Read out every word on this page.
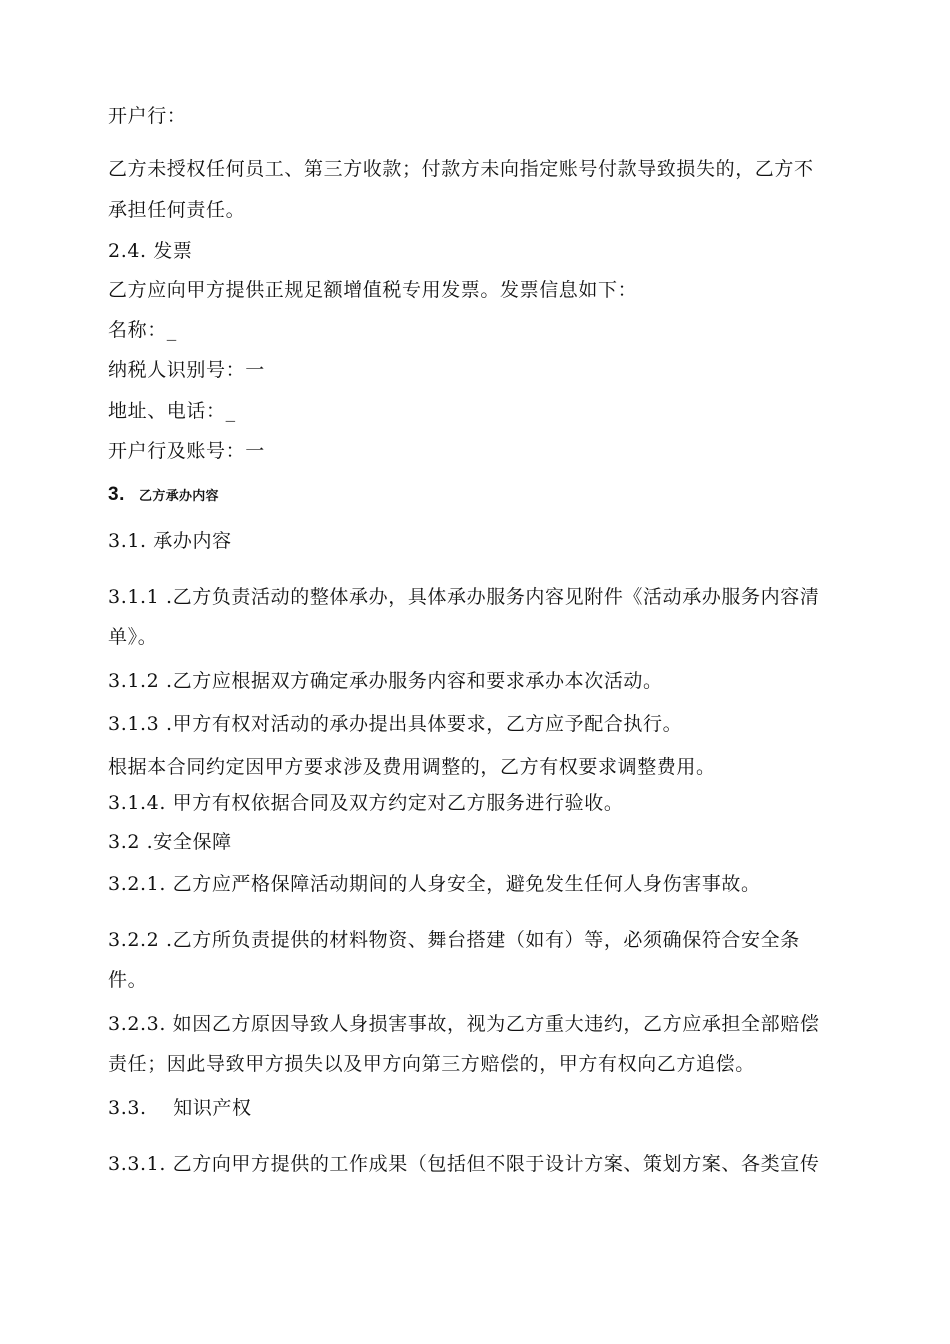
开户行：
乙方未授权任何员工、第三方收款；付款方未向指定账号付款导致损失的，乙方不
承担任何责任。
2.4. 发票
乙方应向甲方提供正规足额增值税专用发票。发票信息如下：
名称：_
纳税人识别号：一
地址、电话：_
开户行及账号：一
3. 乙方承办内容
3.1. 承办内容
3.1.1 .乙方负责活动的整体承办，具体承办服务内容见附件《活动承办服务内容清
单》。
3.1.2 .乙方应根据双方确定承办服务内容和要求承办本次活动。
3.1.3 .甲方有权对活动的承办提出具体要求，乙方应予配合执行。
根据本合同约定因甲方要求涉及费用调整的，乙方有权要求调整费用。
3.1.4. 甲方有权依据合同及双方约定对乙方服务进行验收。
3.2 .安全保障
3.2.1. 乙方应严格保障活动期间的人身安全，避免发生任何人身伤害事故。
3.2.2 .乙方所负责提供的材料物资、舞台搭建（如有）等，必须确保符合安全条
件。
3.2.3. 如因乙方原因导致人身损害事故，视为乙方重大违约，乙方应承担全部赔偿
责任；因此导致甲方损失以及甲方向第三方赔偿的，甲方有权向乙方追偿。
3.3.    知识产权
3.3.1. 乙方向甲方提供的工作成果（包括但不限于设计方案、策划方案、各类宣传
